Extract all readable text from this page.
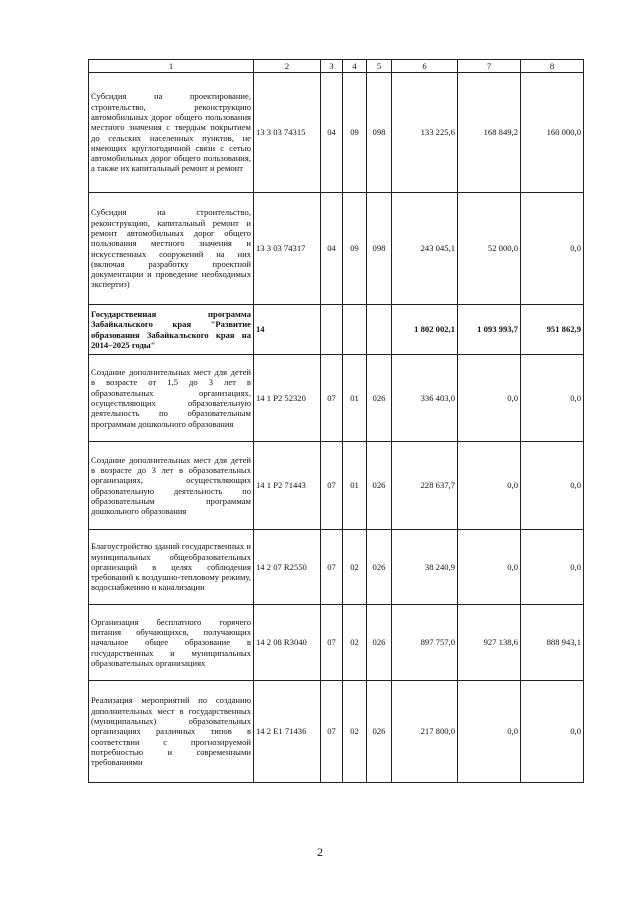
1	2	3	4	5	6	7	8
Субсидия на проектирование, строительство, реконструкцию автомобильных дорог общего пользования местного значения с твердым покрытием до сельских населенных пунктов, не имеющих круглогодичной связи с сетью автомобильных дорог общего пользования, а также их капитальный ремонт и ремонт	13 3 03 74315	04	09	098	133 225,6	168 849,2	160 000,0
Субсидия на строительство, реконструкцию, капитальный ремонт и ремонт автомобильных дорог общего пользования местного значения и искусственных сооружений на них (включая разработку проектной документации и проведение необходимых экспертиз)	13 3 03 74317	04	09	098	243 045,1	52 000,0	0,0
Государственная программа Забайкальского края "Развитие образования Забайкальского края на 2014–2025 годы"	14				1 802 002,1	1 093 993,7	951 862,9
Создание дополнительных мест для детей в возрасте от 1,5 до 3 лет в образовательных организациях, осуществляющих образовательную деятельность по образовательным программам дошкольного образования	14 1 P2 52320	07	01	026	336 403,0	0,0	0,0
Создание дополнительных мест для детей в возрасте до 3 лет в образовательных организациях, осуществляющих образовательную деятельность по образовательным программам дошкольного образования	14 1 P2 71443	07	01	026	228 637,7	0,0	0,0
Благоустройство зданий государственных и муниципальных общеобразовательных организаций в целях соблюдения требований к воздушно-тепловому режиму, водоснабжению и канализации	14 2 07 R2550	07	02	026	38 240,9	0,0	0,0
Организация бесплатного горячего питания обучающихся, получающих начальное общее образование в государственных и муниципальных образовательных организациях	14 2 08 R3040	07	02	026	897 757,0	927 138,6	888 943,1
Реализация мероприятий по созданию дополнительных мест в государственных (муниципальных) образовательных организациях различных типов в соответствии с прогнозируемой потребностью и современными требованиями	14 2 E1 71436	07	02	026	217 800,0	0,0	0,0
2
